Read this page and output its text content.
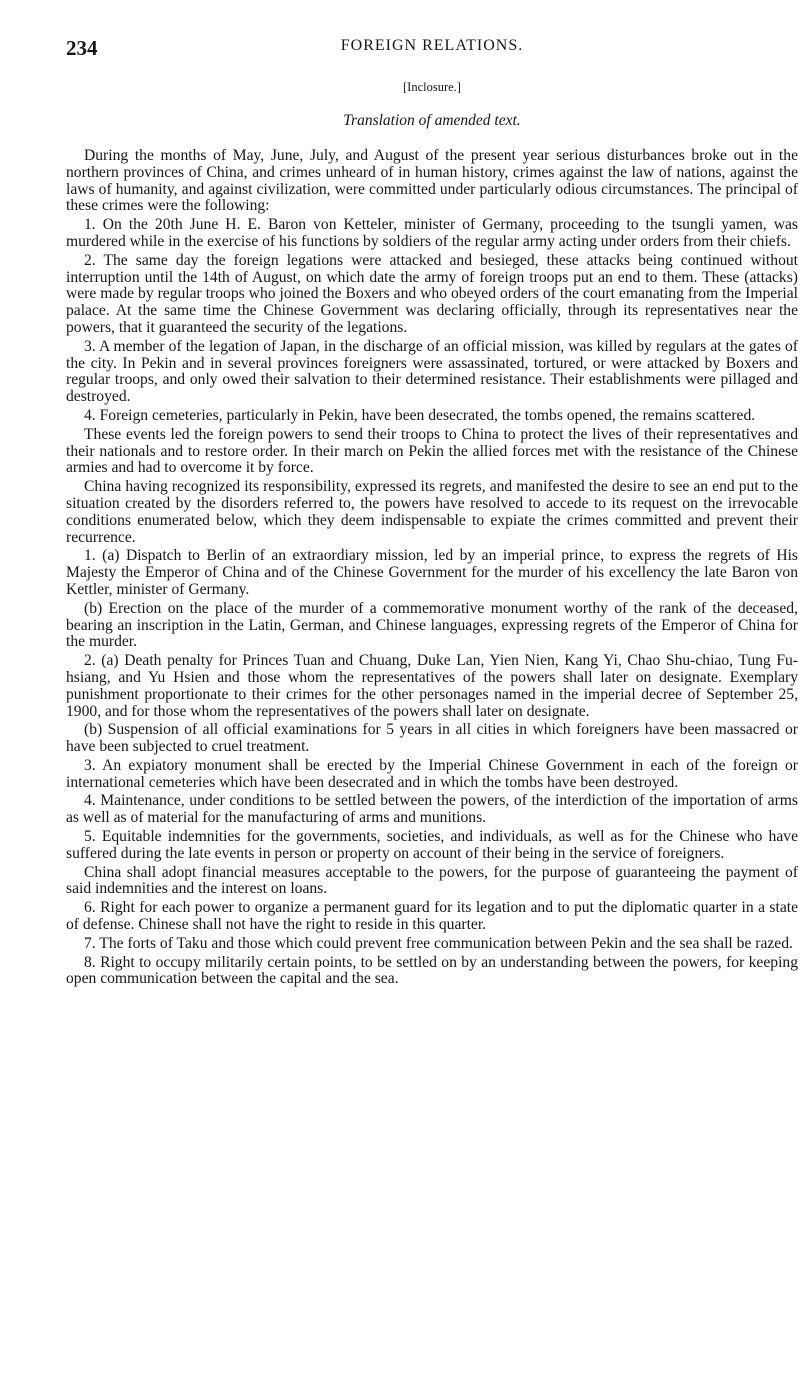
234	FOREIGN RELATIONS.
[Inclosure.]
Translation of amended text.

During the months of May, June, July, and August of the present year serious disturbances broke out in the northern provinces of China, and crimes unheard of in human history, crimes against the law of nations, against the laws of humanity, and against civilization, were committed under particularly odious circumstances. The principal of these crimes were the following:

1. On the 20th June H. E. Baron von Ketteler, minister of Germany, proceeding to the tsungli yamen, was murdered while in the exercise of his functions by soldiers of the regular army acting under orders from their chiefs.

2. The same day the foreign legations were attacked and besieged, these attacks being continued without interruption until the 14th of August, on which date the army of foreign troops put an end to them. These (attacks) were made by regular troops who joined the Boxers and who obeyed orders of the court emanating from the Imperial palace. At the same time the Chinese Government was declaring officially, through its representatives near the powers, that it guaranteed the security of the legations.

3. A member of the legation of Japan, in the discharge of an official mission, was killed by regulars at the gates of the city. In Pekin and in several provinces foreigners were assassinated, tortured, or were attacked by Boxers and regular troops, and only owed their salvation to their determined resistance. Their establishments were pillaged and destroyed.

4. Foreign cemeteries, particularly in Pekin, have been desecrated, the tombs opened, the remains scattered.

These events led the foreign powers to send their troops to China to protect the lives of their representatives and their nationals and to restore order. In their march on Pekin the allied forces met with the resistance of the Chinese armies and had to overcome it by force.

China having recognized its responsibility, expressed its regrets, and manifested the desire to see an end put to the situation created by the disorders referred to, the powers have resolved to accede to its request on the irrevocable conditions enumerated below, which they deem indispensable to expiate the crimes committed and prevent their recurrence.

1. (a) Dispatch to Berlin of an extraordiary mission, led by an imperial prince, to express the regrets of His Majesty the Emperor of China and of the Chinese Government for the murder of his excellency the late Baron von Kettler, minister of Germany.

(b) Erection on the place of the murder of a commemorative monument worthy of the rank of the deceased, bearing an inscription in the Latin, German, and Chinese languages, expressing regrets of the Emperor of China for the murder.

2. (a) Death penalty for Princes Tuan and Chuang, Duke Lan, Yien Nien, Kang Yi, Chao Shu-chiao, Tung Fu-hsiang, and Yu Hsien and those whom the representatives of the powers shall later on designate. Exemplary punishment proportionate to their crimes for the other personages named in the imperial decree of September 25, 1900, and for those whom the representatives of the powers shall later on designate.

(b) Suspension of all official examinations for 5 years in all cities in which foreigners have been massacred or have been subjected to cruel treatment.

3. An expiatory monument shall be erected by the Imperial Chinese Government in each of the foreign or international cemeteries which have been desecrated and in which the tombs have been destroyed.

4. Maintenance, under conditions to be settled between the powers, of the interdiction of the importation of arms as well as of material for the manufacturing of arms and munitions.

5. Equitable indemnities for the governments, societies, and individuals, as well as for the Chinese who have suffered during the late events in person or property on account of their being in the service of foreigners.

China shall adopt financial measures acceptable to the powers, for the purpose of guaranteeing the payment of said indemnities and the interest on loans.

6. Right for each power to organize a permanent guard for its legation and to put the diplomatic quarter in a state of defense. Chinese shall not have the right to reside in this quarter.

7. The forts of Taku and those which could prevent free communication between Pekin and the sea shall be razed.

8. Right to occupy militarily certain points, to be settled on by an understanding between the powers, for keeping open communication between the capital and the sea.
